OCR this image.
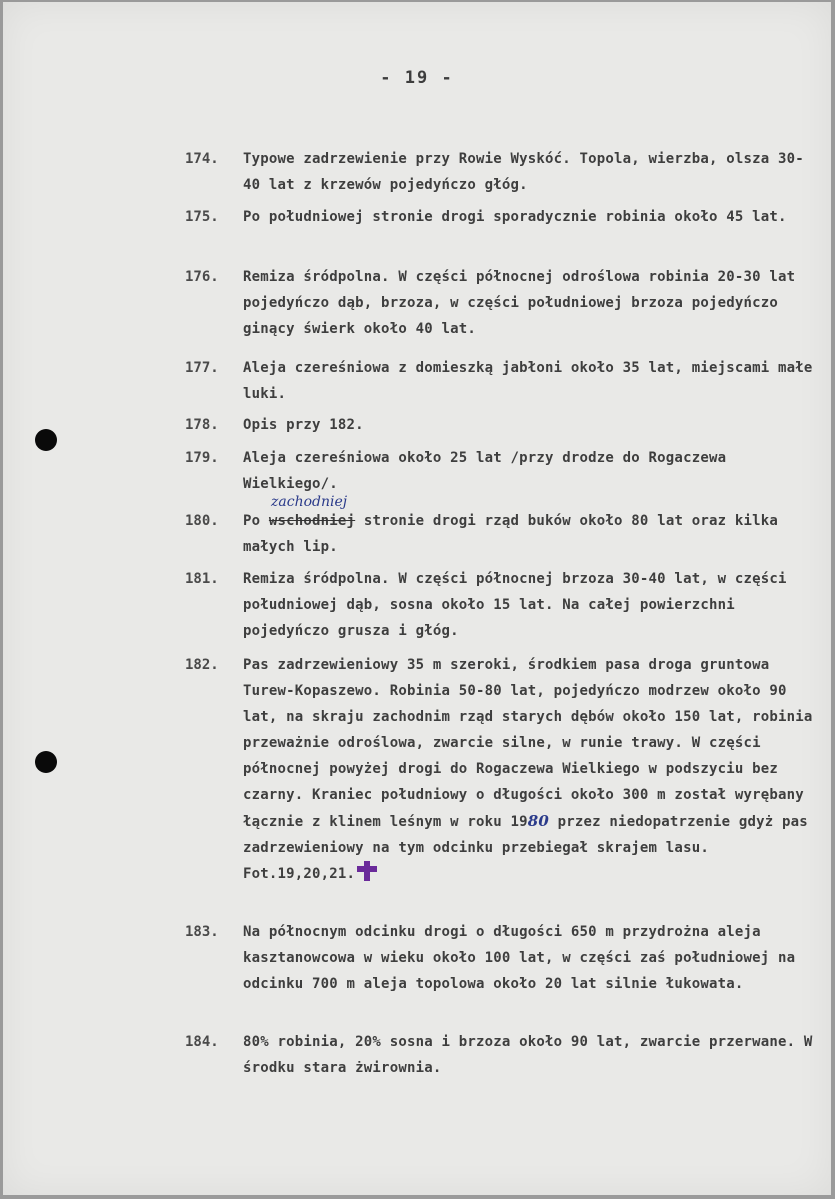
- 19 -
174.	Typowe zadrzewienie przy Rowie Wyskóć. Topola, wierzba, olsza 30-40 lat z krzewów pojedyńczo głóg.
175.	Po południowej stronie drogi sporadycznie robinia około 45 lat.
176.	Remiza śródpolna. W części północnej odroślowa robinia 20-30 lat pojedyńczo dąb, brzoza, w części południowej brzoza pojedyńczo ginący świerk około 40 lat.
177.	Aleja czereśniowa z domieszką jabłoni około 35 lat, miejscami małe luki.
178.	Opis przy 182.
179.	Aleja czereśniowa około 25 lat /przy drodze do Rogaczewa Wielkiego/.
180.
zachodniej
Po wschodniej stronie drogi rząd buków około 80 lat oraz kilka małych lip.
181.	Remiza śródpolna. W części północnej brzoza 30-40 lat, w części południowej dąb, sosna około 15 lat. Na całej powierzchni pojedyńczo grusza i głóg.
182.	Pas zadrzewieniowy 35 m szeroki, środkiem pasa droga gruntowa Turew-Kopaszewo. Robinia 50-80 lat, pojedyńczo modrzew około 90 lat, na skraju zachodnim rząd starych dębów około 150 lat, robinia przeważnie odroślowa, zwarcie silne, w runie trawy. W części północnej powyżej drogi do Rogaczewa Wielkiego w podszyciu bez czarny. Kraniec południowy o długości około 300 m został wyrębany łącznie z klinem leśnym w roku 1980 przez niedopatrzenie gdyż pas zadrzewieniowy na tym odcinku przebiegał skrajem lasu. Fot.19,20,21.
183.	Na północnym odcinku drogi o długości 650 m przydrożna aleja kasztanowcowa w wieku około 100 lat, w części zaś południowej na odcinku 700 m aleja topolowa około 20 lat silnie łukowata.
184.	80% robinia, 20% sosna i brzoza około 90 lat, zwarcie przerwane. W środku stara żwirownia.
